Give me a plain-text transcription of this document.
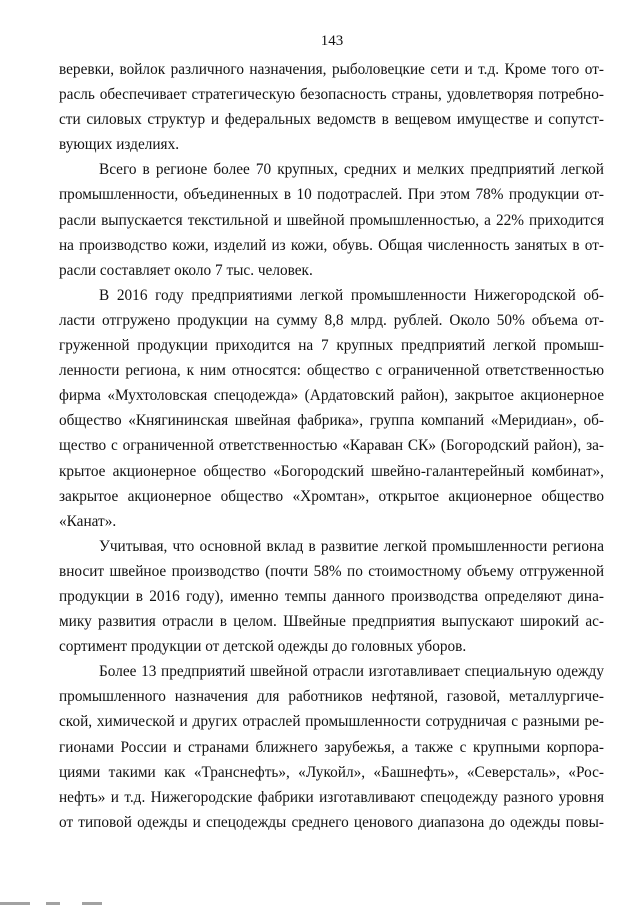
143
веревки, войлок различного назначения, рыболовецкие сети и т.д. Кроме того от-
расль обеспечивает стратегическую безопасность страны, удовлетворяя потребно-
сти силовых структур и федеральных ведомств в вещевом имуществе и сопутст-
вующих изделиях.
Всего в регионе более 70 крупных, средних и мелких предприятий легкой
промышленности, объединенных в 10 подотраслей. При этом 78% продукции от-
расли выпускается текстильной и швейной промышленностью, а 22% приходится
на производство кожи, изделий из кожи, обувь. Общая численность занятых в от-
расли составляет около 7 тыс. человек.
В 2016 году предприятиями легкой промышленности Нижегородской об-
ласти отгружено продукции на сумму 8,8 млрд. рублей. Около 50% объема от-
груженной продукции приходится на 7 крупных предприятий легкой промыш-
ленности региона, к ним относятся: общество с ограниченной ответственностью
фирма «Мухтоловская спецодежда» (Ардатовский район), закрытое акционерное
общество «Княгининская швейная фабрика», группа компаний «Меридиан», об-
щество с ограниченной ответственностью «Караван СК» (Богородский район), за-
крытое акционерное общество «Богородский швейно-галантерейный комбинат»,
закрытое акционерное общество «Хромтан», открытое акционерное общество
«Канат».
Учитывая, что основной вклад в развитие легкой промышленности региона
вносит швейное производство (почти 58% по стоимостному объему отгруженной
продукции в 2016 году), именно темпы данного производства определяют дина-
мику развития отрасли в целом. Швейные предприятия выпускают широкий ас-
сортимент продукции от детской одежды до головных уборов.
Более 13 предприятий швейной отрасли изготавливает специальную одежду
промышленного назначения для работников нефтяной, газовой, металлургиче-
ской, химической и других отраслей промышленности сотрудничая с разными ре-
гионами России и странами ближнего зарубежья, а также с крупными корпора-
циями такими как «Транснефть», «Лукойл», «Башнефть», «Северсталь», «Рос-
нефть» и т.д. Нижегородские фабрики изготавливают спецодежду разного уровня
от типовой одежды и спецодежды среднего ценового диапазона до одежды повы-
